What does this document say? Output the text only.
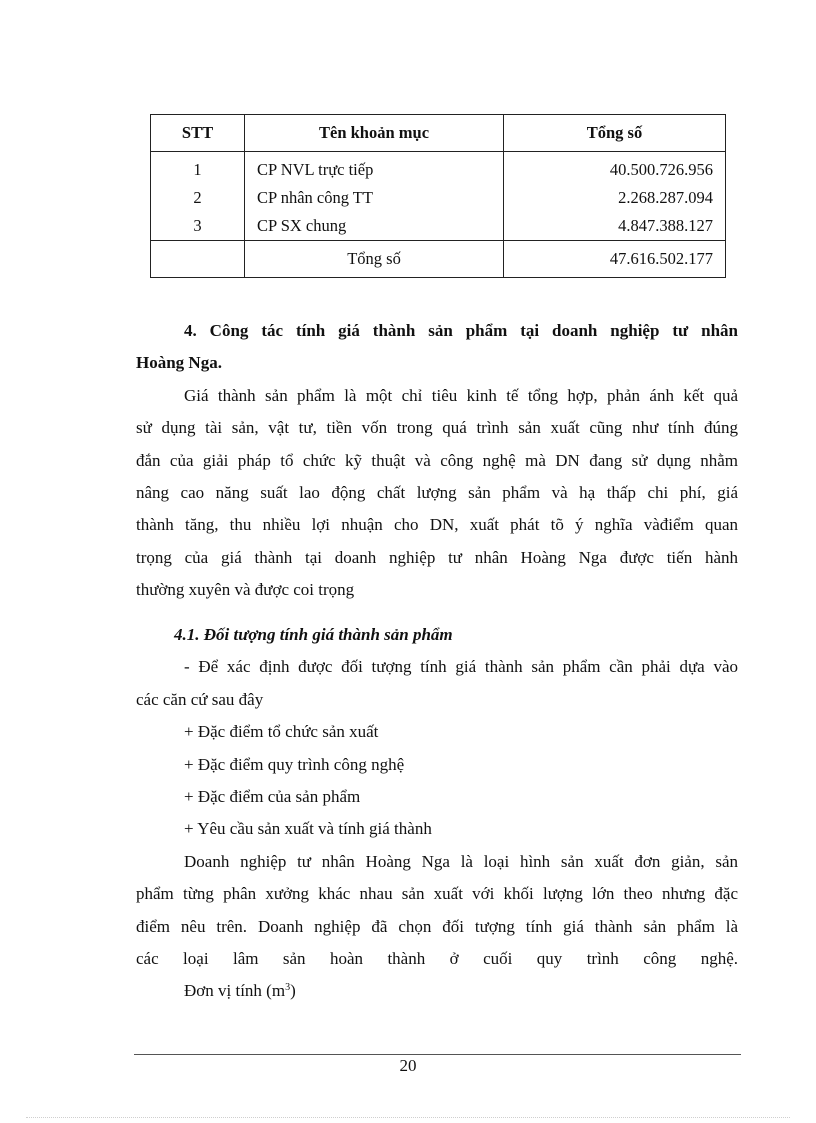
STT	Tên khoản mục	Tổng số
1	CP NVL trực tiếp	40.500.726.956
2	CP nhân công TT	2.268.287.094
3	CP SX chung	4.847.388.127
	Tổng số	47.616.502.177

4. Công tác tính giá thành sản phẩm tại doanh nghiệp tư nhân

Hoàng Nga.

Giá thành sản phẩm là một chỉ tiêu kinh tế tổng hợp, phản ánh kết quả

sử dụng tài sản, vật tư, tiền vốn trong quá trình sản xuất cũng như tính đúng

đắn của giải pháp tổ chức kỹ thuật và công nghệ mà DN đang sử dụng nhằm

nâng cao năng suất lao động chất lượng sản phẩm và hạ thấp chi phí, giá

thành tăng, thu nhiều lợi nhuận cho DN, xuất phát tõ ý nghĩa vàđiểm quan

trọng của giá thành tại doanh nghiệp tư nhân Hoàng Nga được tiến hành

thường xuyên và được coi trọng

4.1. Đối tượng tính giá thành sản phẩm

- Để xác định được đối tượng tính giá thành sản phẩm cần phải dựa vào

các căn cứ sau đây

+ Đặc điểm tổ chức sản xuất

+ Đặc điểm quy trình công nghệ

+ Đặc điểm của sản phẩm

+ Yêu cầu sản xuất và tính giá thành

Doanh nghiệp tư nhân Hoàng Nga là loại hình sản xuất đơn giản, sản

phẩm từng phân xưởng khác nhau sản xuất với khối lượng lớn theo nhưng đặc

điểm nêu trên. Doanh nghiệp đã chọn đối tượng tính giá thành sản phẩm là

các loại lâm sản hoàn thành ở cuối quy trình công nghệ.

Đơn vị tính $(m^3)$

20
